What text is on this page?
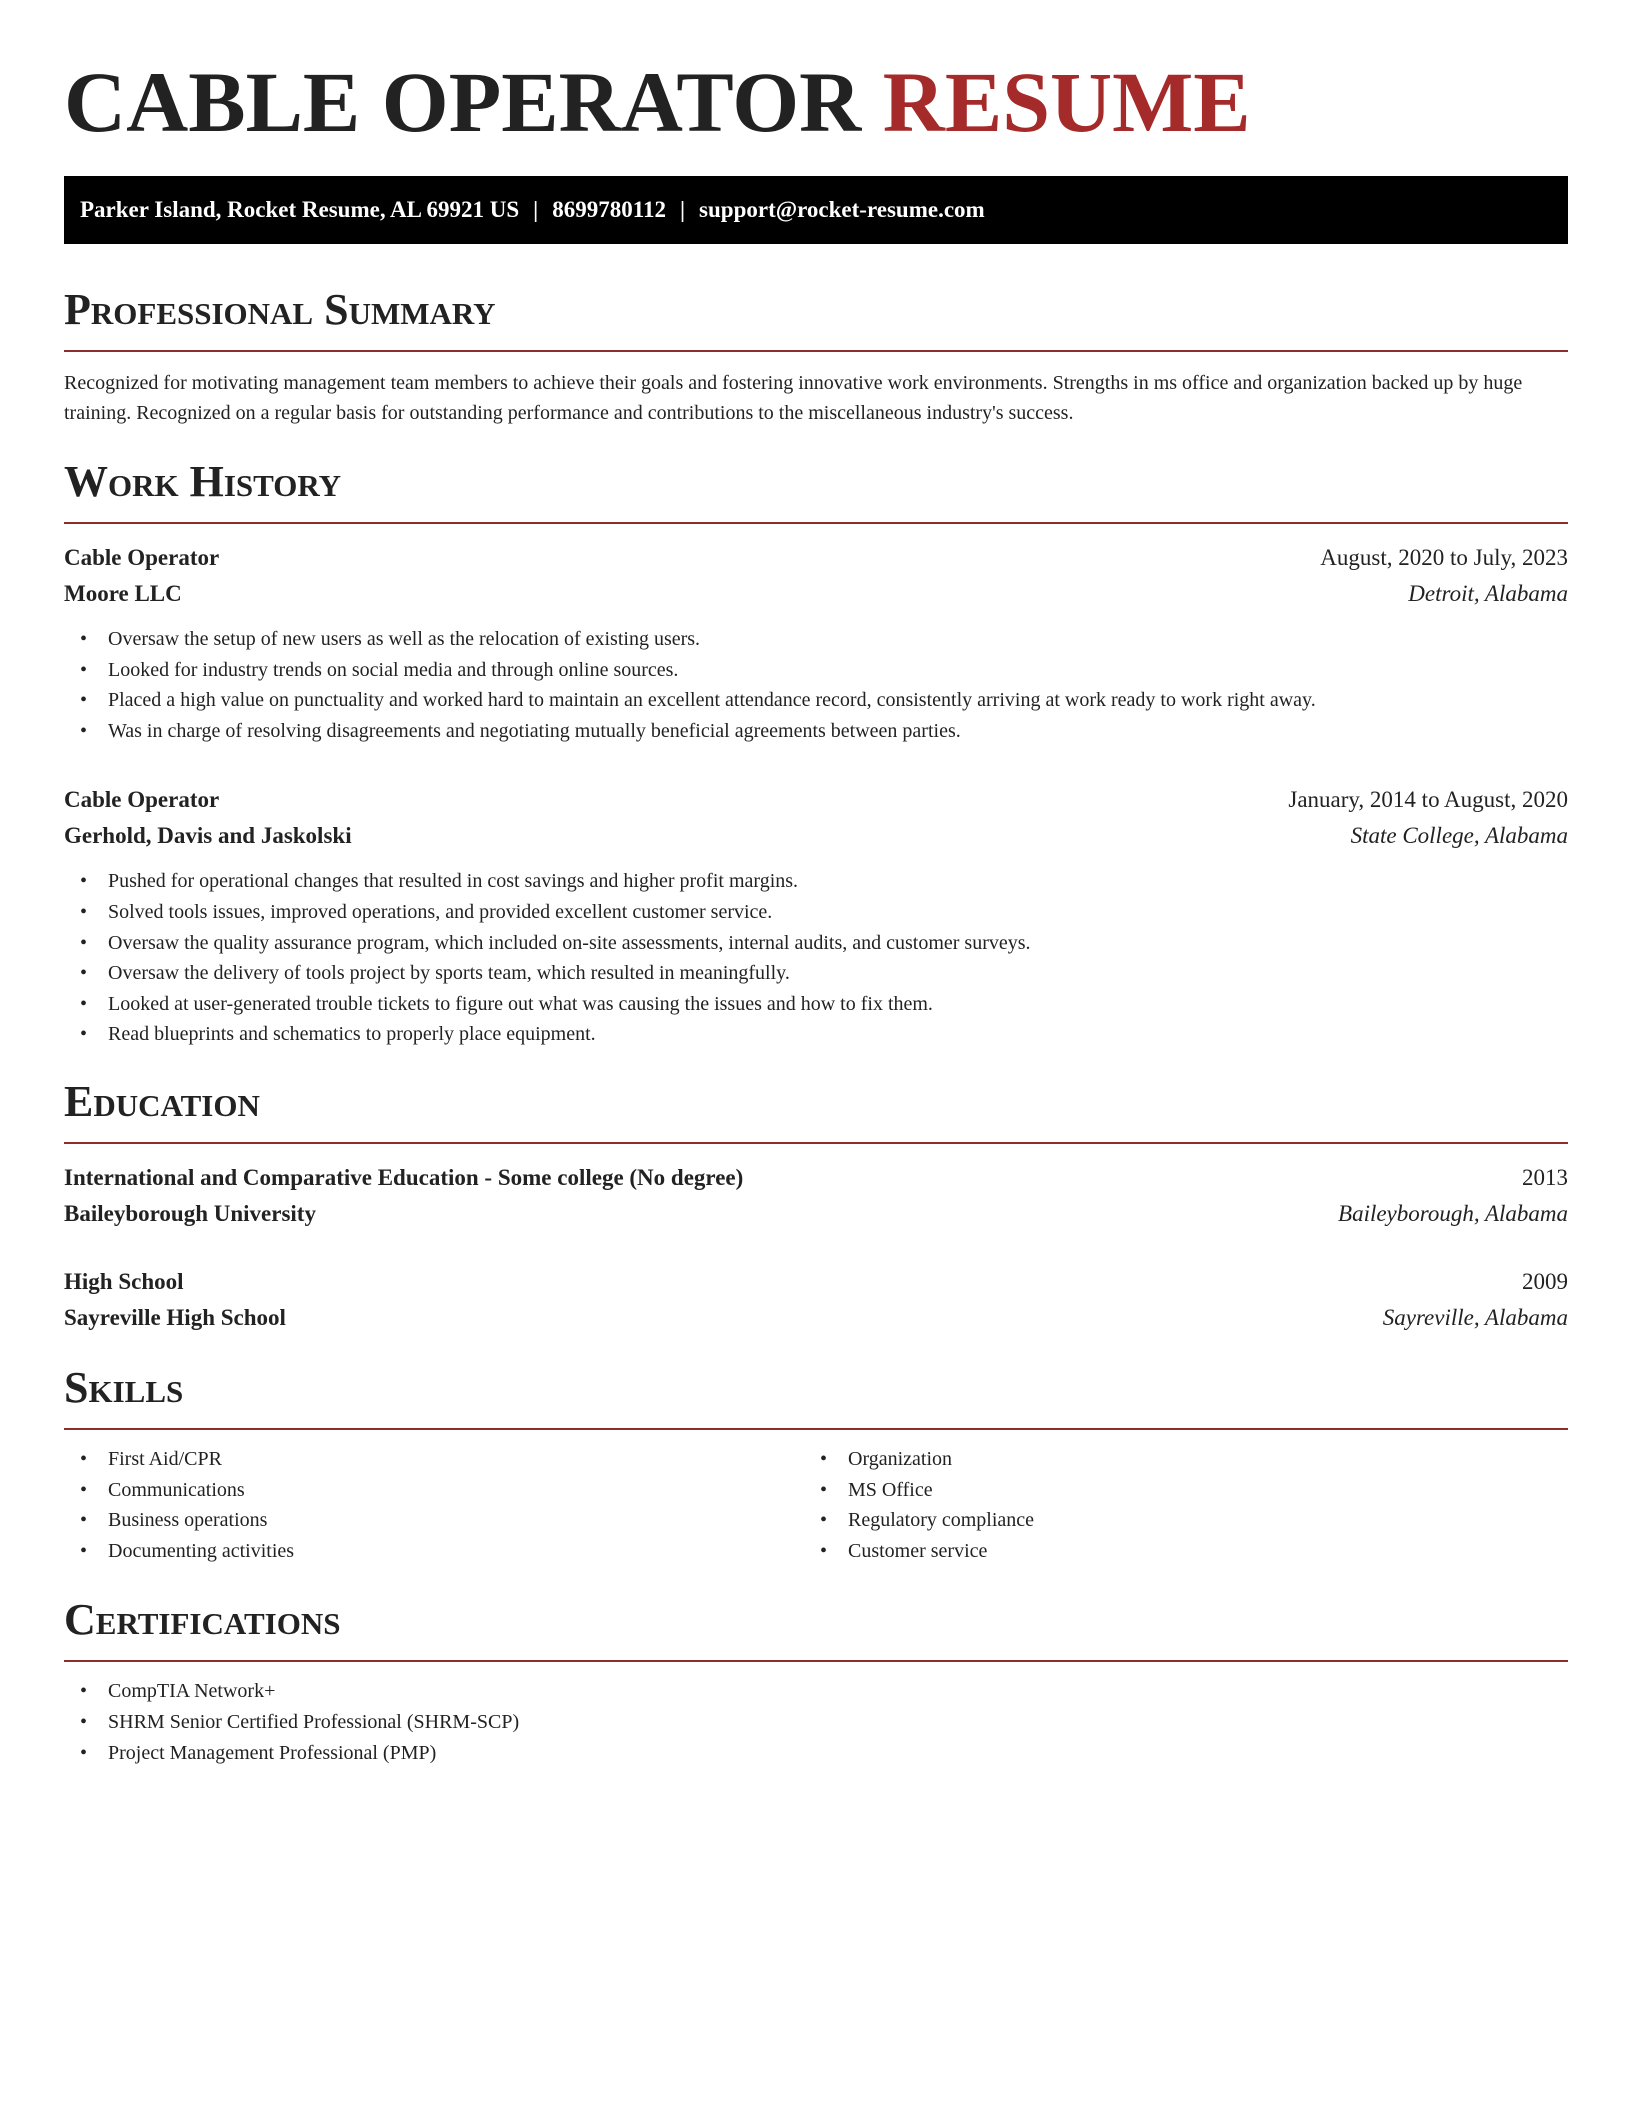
CABLE OPERATOR RESUME
Parker Island, Rocket Resume, AL 69921 US | 8699780112 | support@rocket-resume.com
Professional Summary
Recognized for motivating management team members to achieve their goals and fostering innovative work environments. Strengths in ms office and organization backed up by huge training. Recognized on a regular basis for outstanding performance and contributions to the miscellaneous industry's success.
Work History
Cable Operator	August, 2020 to July, 2023
Moore LLC	Detroit, Alabama
• Oversaw the setup of new users as well as the relocation of existing users.
• Looked for industry trends on social media and through online sources.
• Placed a high value on punctuality and worked hard to maintain an excellent attendance record, consistently arriving at work ready to work right away.
• Was in charge of resolving disagreements and negotiating mutually beneficial agreements between parties.
Cable Operator	January, 2014 to August, 2020
Gerhold, Davis and Jaskolski	State College, Alabama
• Pushed for operational changes that resulted in cost savings and higher profit margins.
• Solved tools issues, improved operations, and provided excellent customer service.
• Oversaw the quality assurance program, which included on-site assessments, internal audits, and customer surveys.
• Oversaw the delivery of tools project by sports team, which resulted in meaningfully.
• Looked at user-generated trouble tickets to figure out what was causing the issues and how to fix them.
• Read blueprints and schematics to properly place equipment.
Education
International and Comparative Education - Some college (No degree)	2013
Baileyborough University	Baileyborough, Alabama
High School	2009
Sayreville High School	Sayreville, Alabama
Skills
• First Aid/CPR
• Communications
• Business operations
• Documenting activities
• Organization
• MS Office
• Regulatory compliance
• Customer service
Certifications
• CompTIA Network+
• SHRM Senior Certified Professional (SHRM-SCP)
• Project Management Professional (PMP)
